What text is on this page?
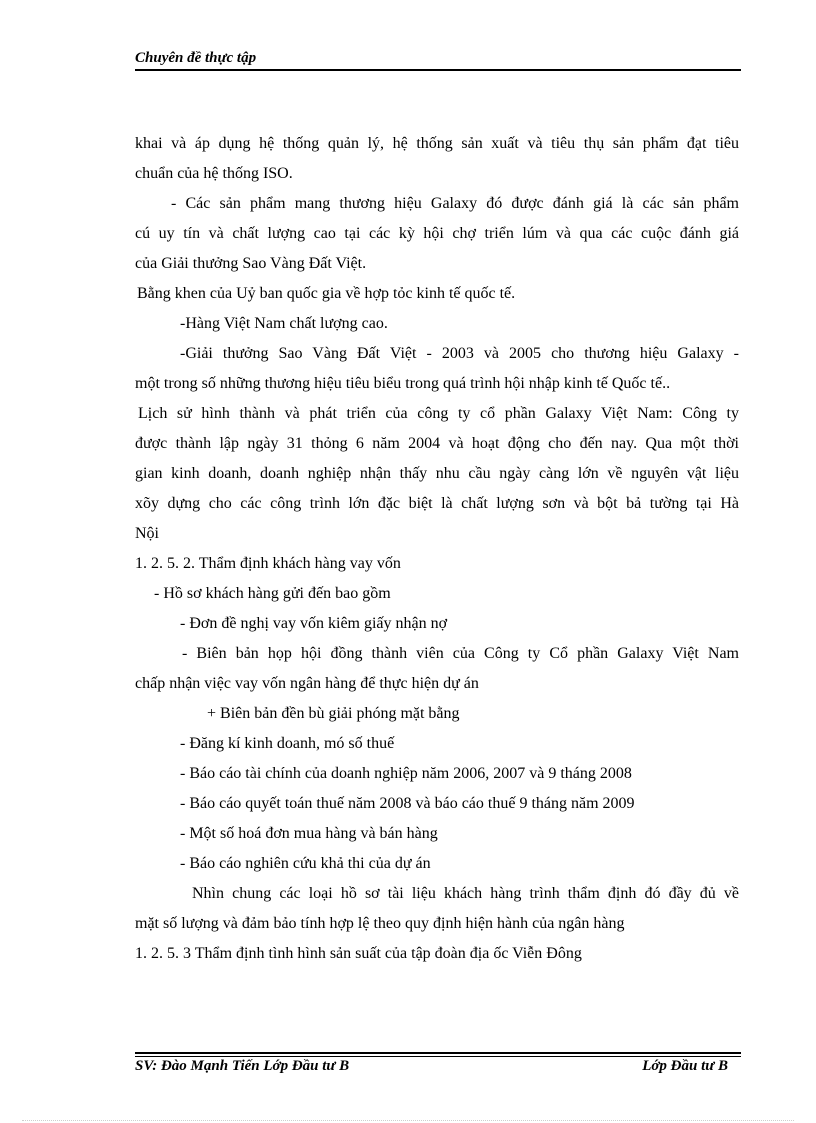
Chuyên đề thực tập
khai và áp dụng hệ thống quản lý, hệ thống sản xuất và tiêu thụ sản phẩm đạt tiêu
chuẩn của hệ thống ISO.
- Các sản phẩm mang thương hiệu Galaxy đó được đánh giá là các sản phẩm
cú uy tín và chất lượng cao tại các kỳ hội chợ triển lúm và qua các cuộc đánh giá
của Giải thưởng Sao Vàng Đất Việt.
Bằng khen của Uỷ ban quốc gia về hợp tỏc kinh tế quốc tế.
-Hàng Việt Nam chất lượng cao.
-Giải thưởng Sao Vàng Đất Việt - 2003 và 2005 cho thương hiệu Galaxy -
một trong số những thương hiệu tiêu biểu trong quá trình hội nhập kinh tế Quốc tế..
Lịch sử hình thành và phát triển của công ty cổ phần Galaxy Việt Nam: Công ty
được thành lập ngày 31 thỏng 6 năm 2004 và hoạt động cho đến nay. Qua một thời
gian kinh doanh, doanh nghiệp nhận thấy nhu cầu ngày càng lớn về nguyên vật liệu
xõy dựng cho các công trình lớn đặc biệt là chất lượng sơn và bột bả tường tại Hà
Nội
1. 2. 5. 2. Thẩm định khách hàng vay vốn
- Hồ sơ khách hàng gửi đến bao gồm
- Đơn đề nghị vay vốn kiêm giấy nhận nợ
- Biên bản họp hội đồng thành viên của Công ty Cổ phần Galaxy Việt Nam
chấp nhận việc vay vốn ngân hàng để thực hiện dự án
+ Biên bản đền bù giải phóng mặt bằng
- Đăng kí kinh doanh, mó số thuế
- Báo cáo tài chính của doanh nghiệp năm 2006, 2007 và 9 tháng 2008
- Báo cáo quyết toán thuế năm 2008 và báo cáo thuế 9 tháng năm 2009
- Một số hoá đơn mua hàng và bán hàng
- Báo cáo nghiên cứu khả thi của dự án
Nhìn chung các loại hồ sơ tài liệu khách hàng trình thẩm định đó đầy đủ về
mặt số lượng và đảm bảo tính hợp lệ theo quy định hiện hành của ngân hàng
1. 2. 5. 3 Thẩm định tình hình sản suất của tập đoàn địa ốc Viễn Đông
SV: Đào Mạnh Tiến Lớp Đầu tư B	Lớp Đầu tư B
